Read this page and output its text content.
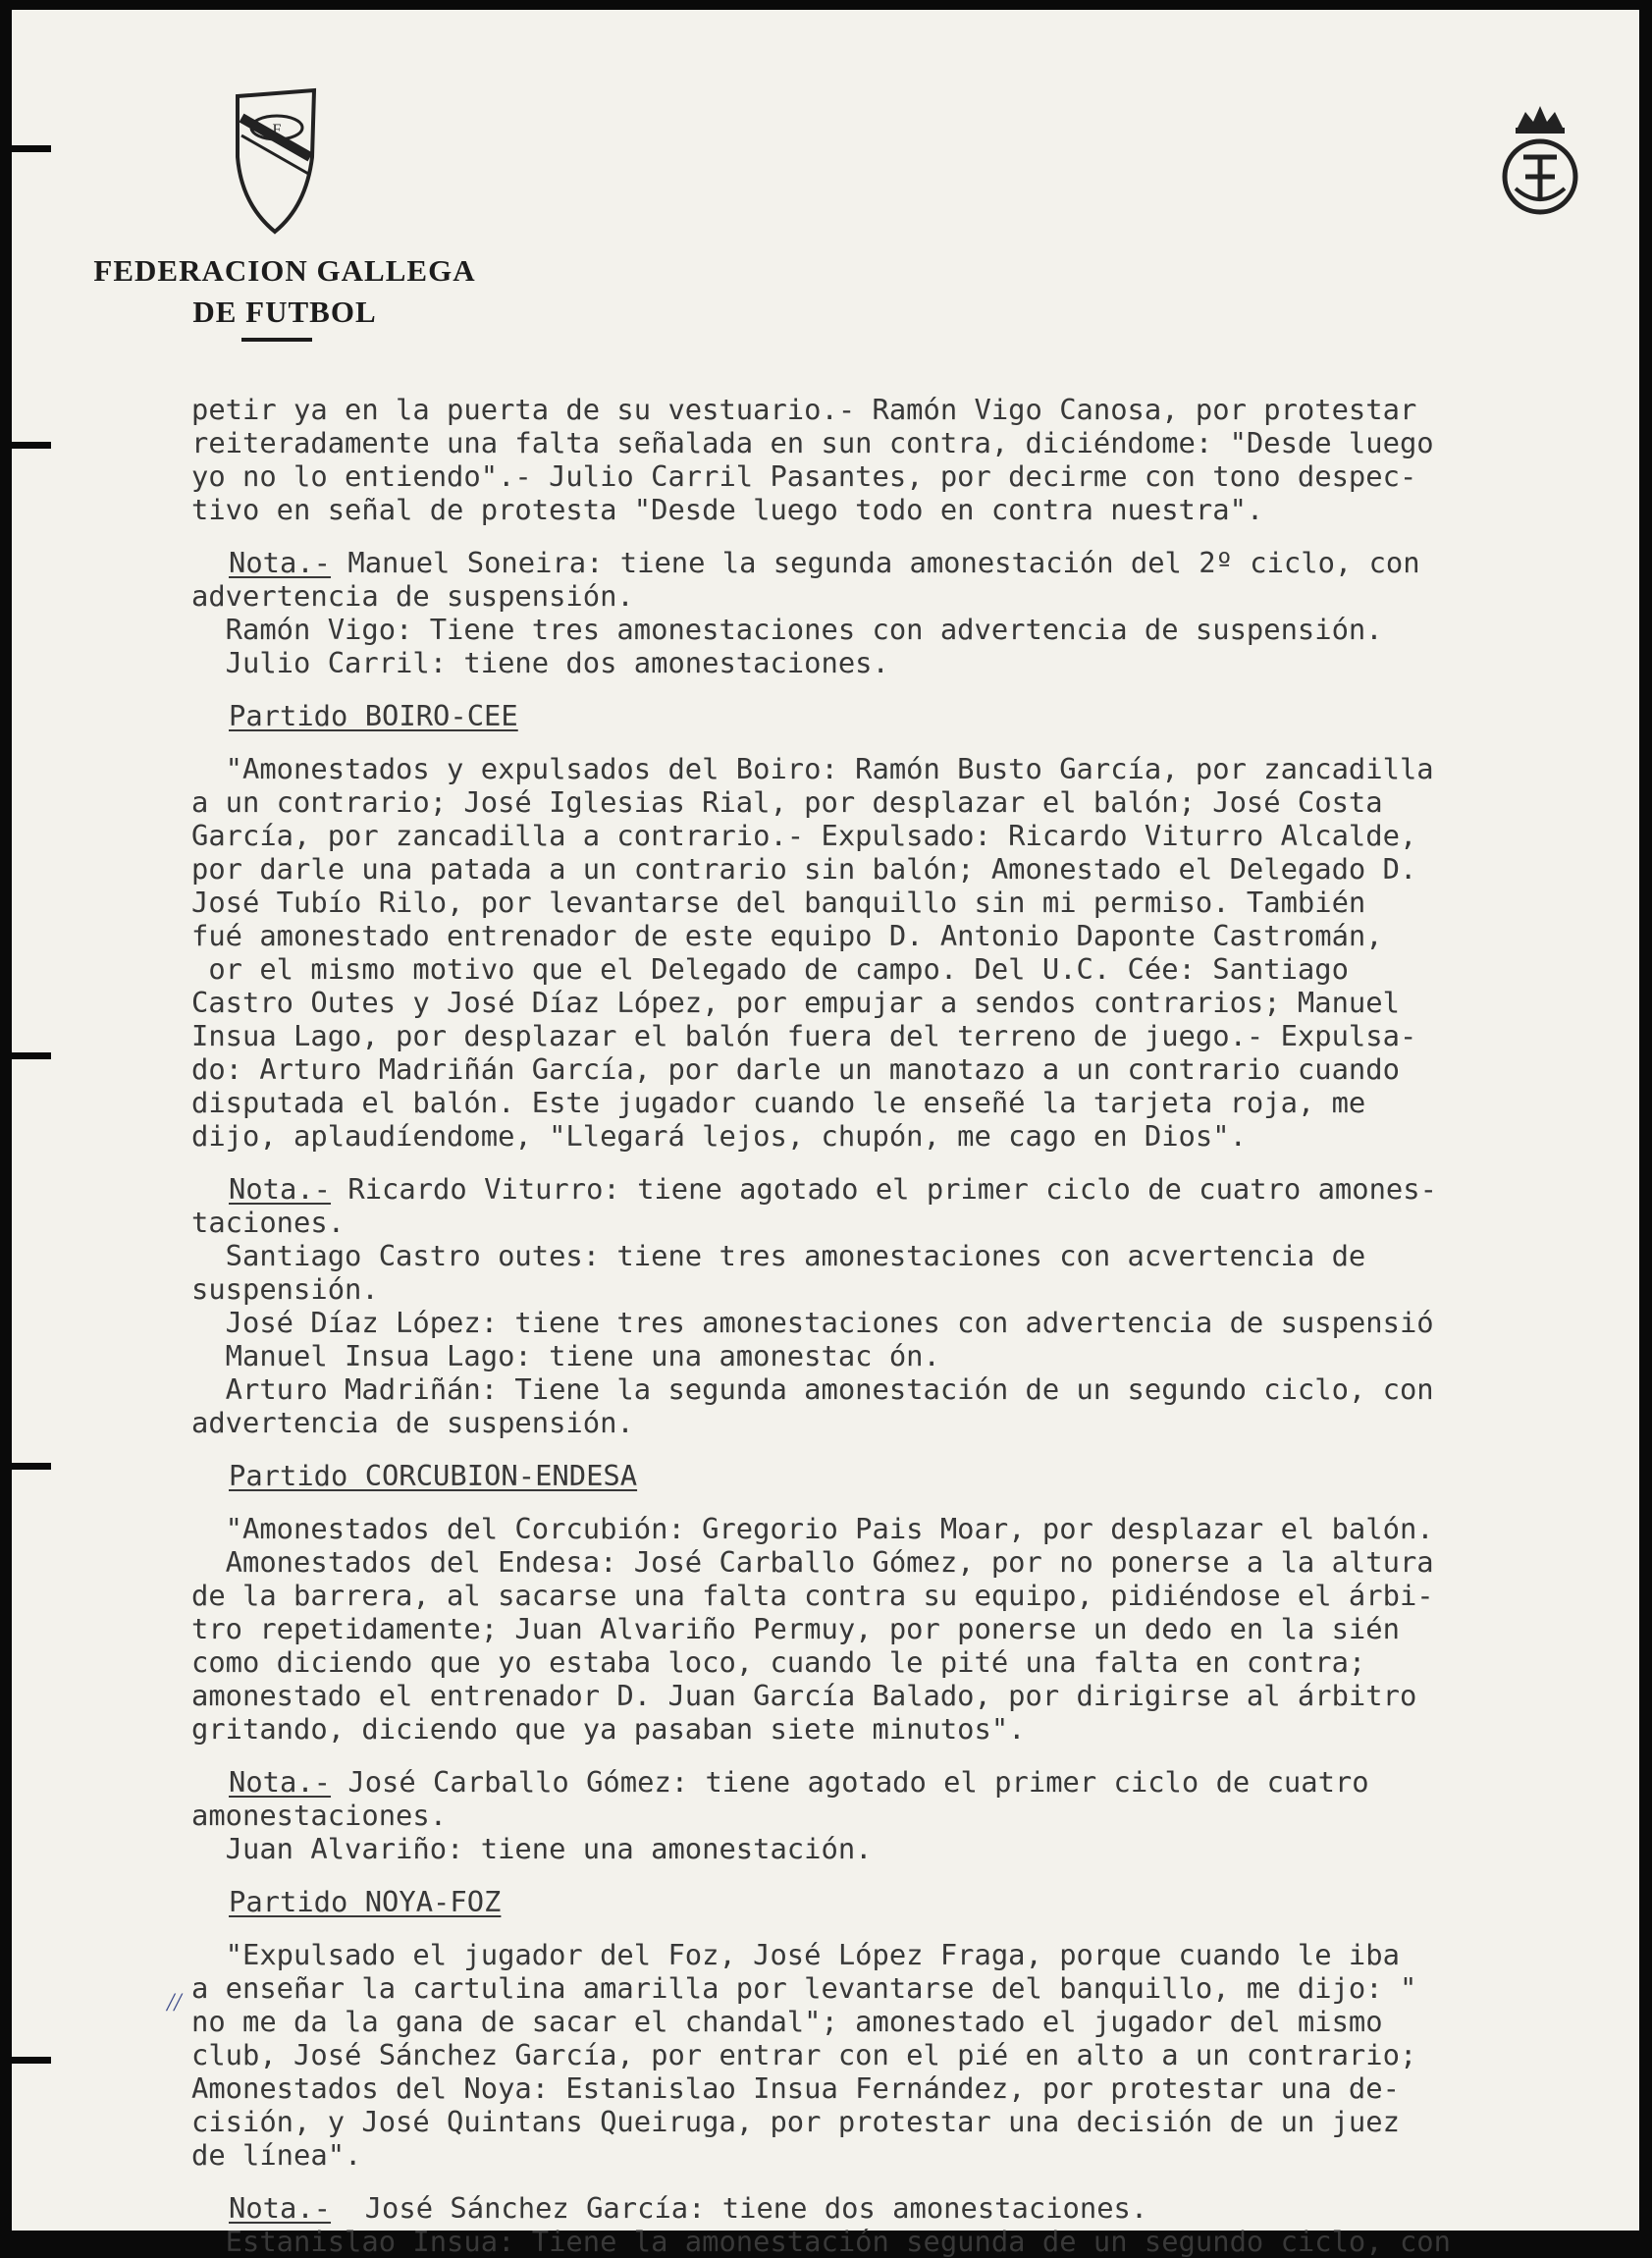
F
FEDERACION GALLEGA
DE FUTBOL
//
petir ya en la puerta de su vestuario.- Ramón Vigo Canosa, por protestar
reiteradamente una falta señalada en sun contra, diciéndome: "Desde luego
yo no lo entiendo".- Julio Carril Pasantes, por decirme con tono despec-
tivo en señal de protesta "Desde luego todo en contra nuestra".
Nota.- Manuel Soneira: tiene la segunda amonestación del 2º ciclo, con
advertencia de suspensión.
Ramón Vigo: Tiene tres amonestaciones con advertencia de suspensión.
Julio Carril: tiene dos amonestaciones.
Partido BOIRO-CEE
"Amonestados y expulsados del Boiro: Ramón Busto García, por zancadilla
a un contrario; José Iglesias Rial, por desplazar el balón; José Costa
García, por zancadilla a contrario.- Expulsado: Ricardo Viturro Alcalde,
por darle una patada a un contrario sin balón; Amonestado el Delegado D.
José Tubío Rilo, por levantarse del banquillo sin mi permiso. También
fué amonestado entrenador de este equipo D. Antonio Daponte Castromán,
or el mismo motivo que el Delegado de campo. Del U.C. Cée: Santiago
Castro Outes y José Díaz López, por empujar a sendos contrarios; Manuel
Insua Lago, por desplazar el balón fuera del terreno de juego.- Expulsa-
do: Arturo Madriñán García, por darle un manotazo a un contrario cuando
disputada el balón. Este jugador cuando le enseñé la tarjeta roja, me
dijo, aplaudíendome, "Llegará lejos, chupón, me cago en Dios".
Nota.- Ricardo Viturro: tiene agotado el primer ciclo de cuatro amones-
taciones.
Santiago Castro outes: tiene tres amonestaciones con acvertencia de
suspensión.
José Díaz López: tiene tres amonestaciones con advertencia de suspensió
Manuel Insua Lago: tiene una amonestac ón.
Arturo Madriñán: Tiene la segunda amonestación de un segundo ciclo, con
advertencia de suspensión.
Partido CORCUBION-ENDESA
"Amonestados del Corcubión: Gregorio Pais Moar, por desplazar el balón.
Amonestados del Endesa: José Carballo Gómez, por no ponerse a la altura
de la barrera, al sacarse una falta contra su equipo, pidiéndose el árbi-
tro repetidamente; Juan Alvariño Permuy, por ponerse un dedo en la sién
como diciendo que yo estaba loco, cuando le pité una falta en contra;
amonestado el entrenador D. Juan García Balado, por dirigirse al árbitro
gritando, diciendo que ya pasaban siete minutos".
Nota.- José Carballo Gómez: tiene agotado el primer ciclo de cuatro
amonestaciones.
Juan Alvariño: tiene una amonestación.
Partido NOYA-FOZ
"Expulsado el jugador del Foz, José López Fraga, porque cuando le iba
a enseñar la cartulina amarilla por levantarse del banquillo, me dijo: "
no me da la gana de sacar el chandal"; amonestado el jugador del mismo
club, José Sánchez García, por entrar con el pié en alto a un contrario;
Amonestados del Noya: Estanislao Insua Fernández, por protestar una de-
cisión, y José Quintans Queiruga, por protestar una decisión de un juez
de línea".
Nota.-  José Sánchez García: tiene dos amonestaciones.
Estanislao Insua: Tiene la amonestación segunda de un segundo ciclo, con
